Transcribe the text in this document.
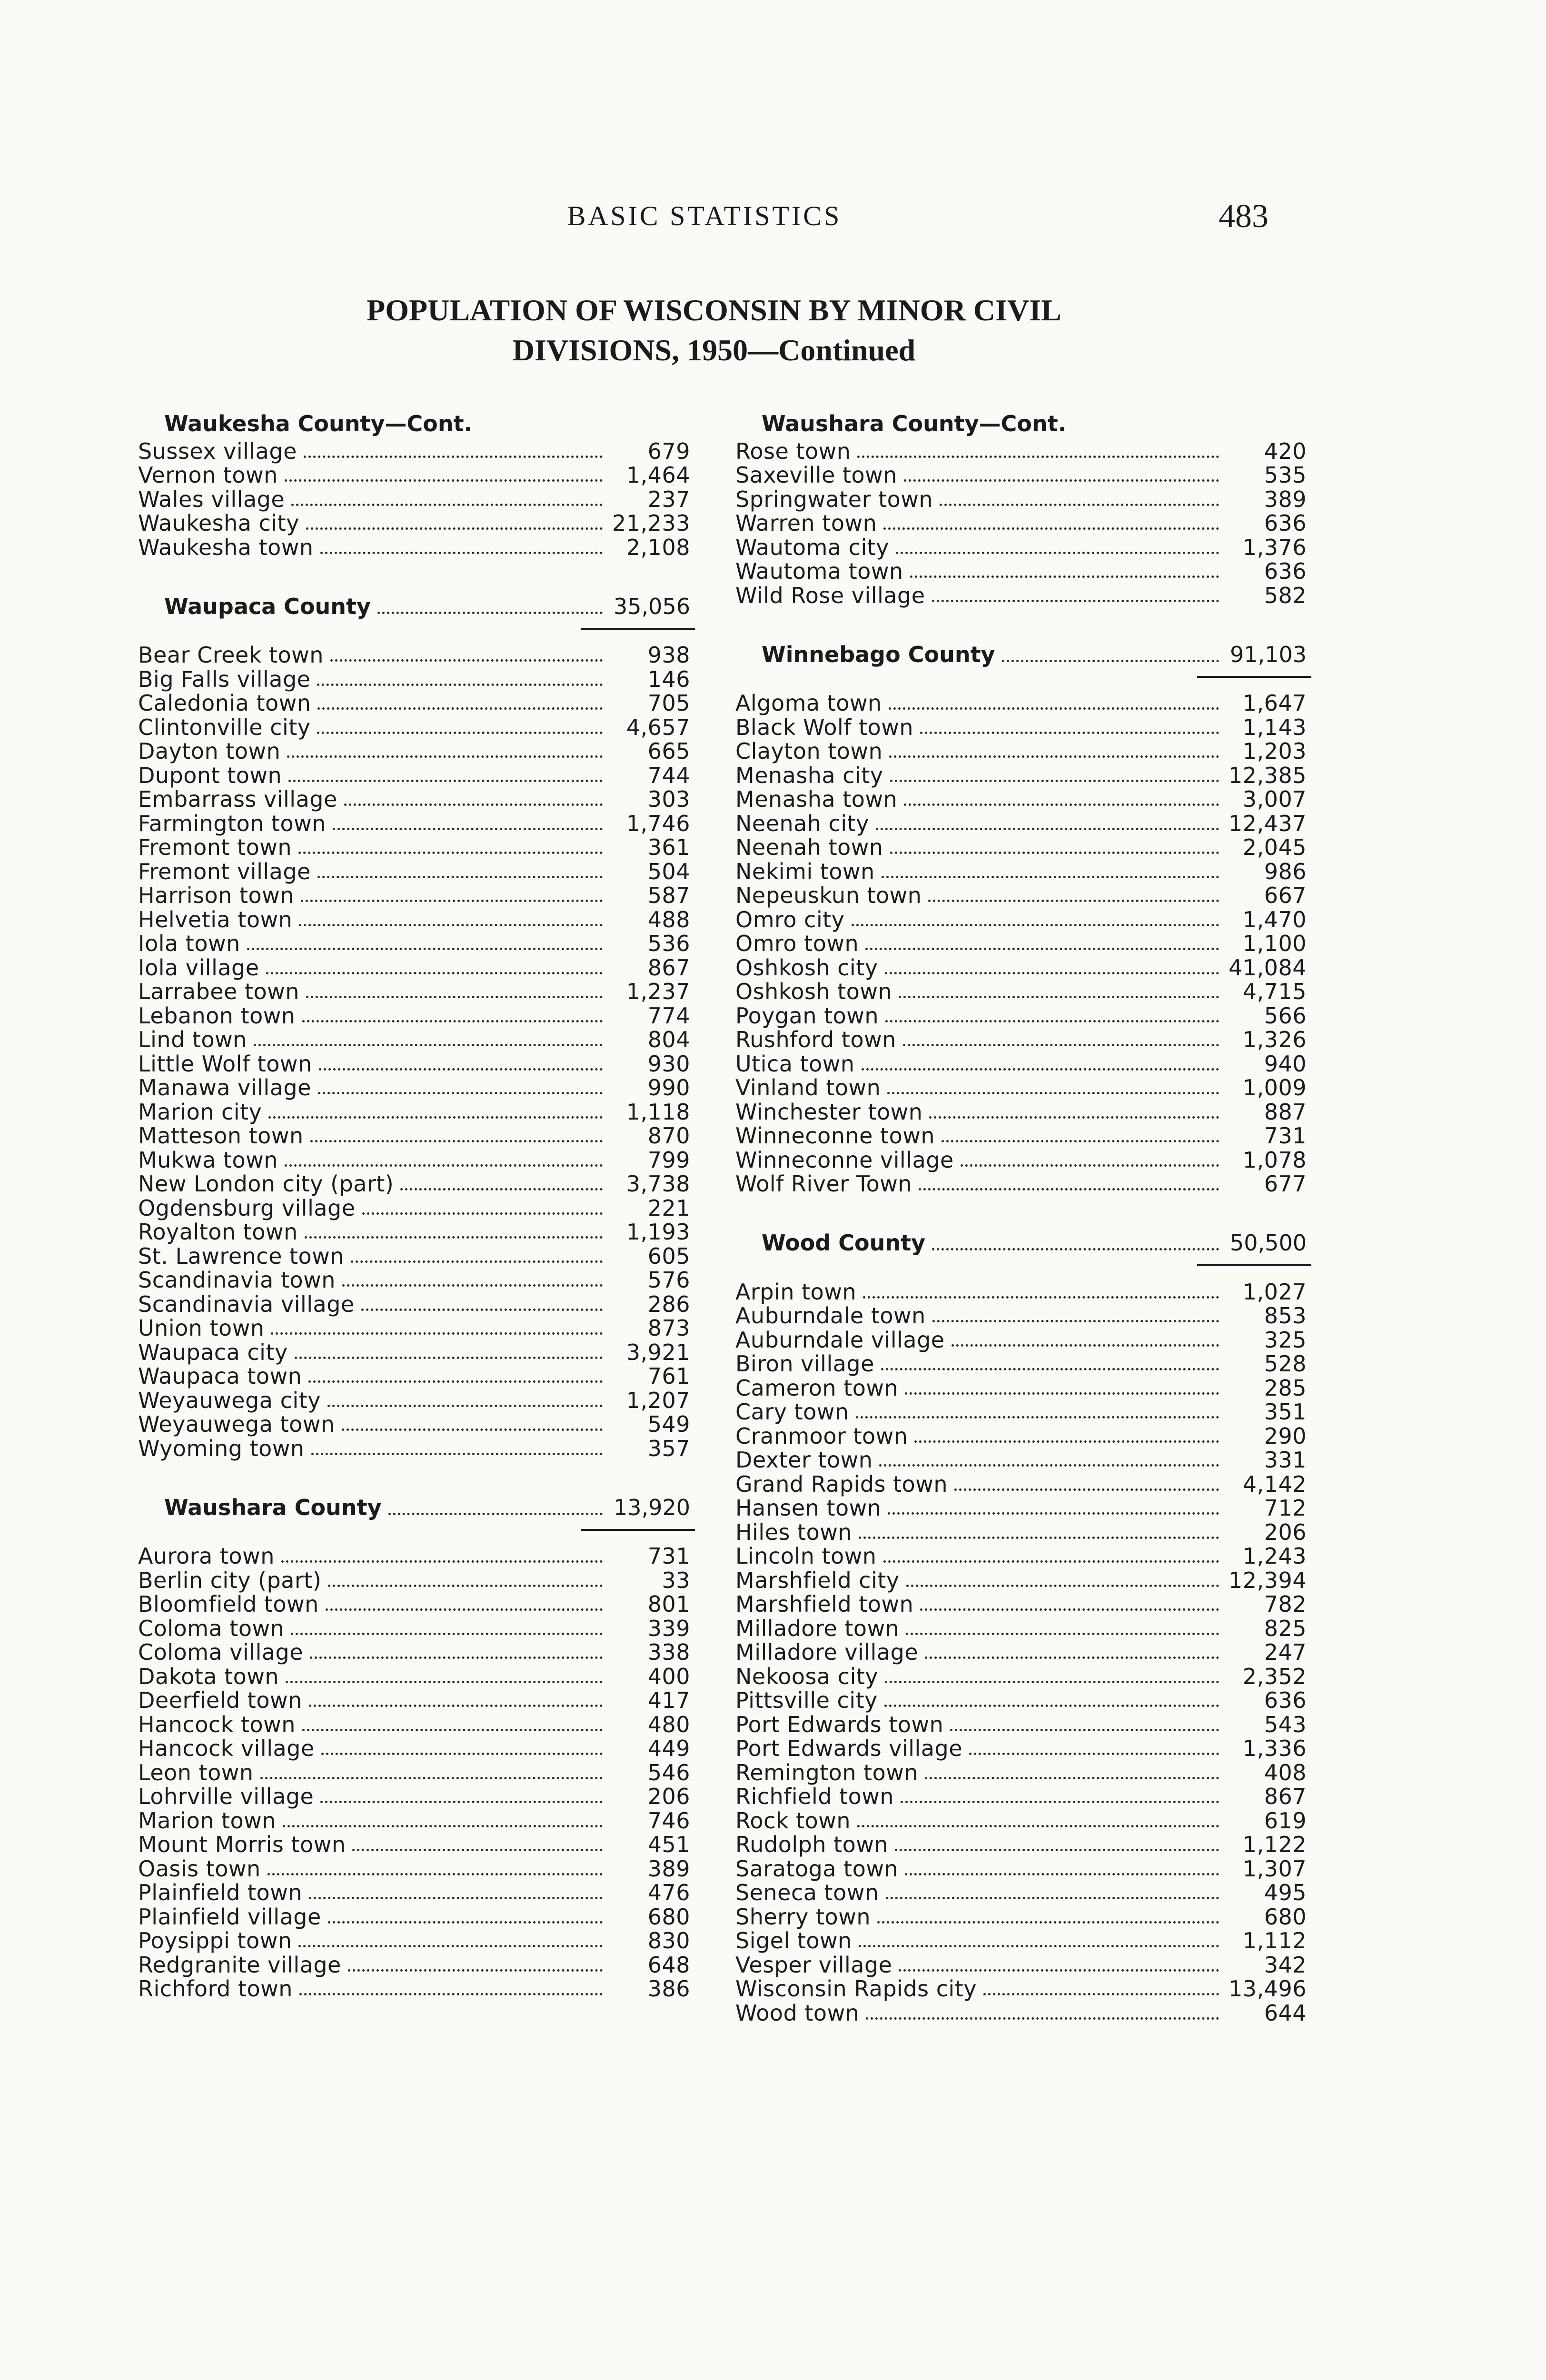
BASIC STATISTICS	483
POPULATION OF WISCONSIN BY MINOR CIVIL
DIVISIONS, 1950—Continued
Waukesha County—Cont.
Sussex village	679
Vernon town	1,464
Wales village	237
Waukesha city	21,233
Waukesha town	2,108
Waupaca County	35,056
Bear Creek town	938
Big Falls village	146
Caledonia town	705
Clintonville city	4,657
Dayton town	665
Dupont town	744
Embarrass village	303
Farmington town	1,746
Fremont town	361
Fremont village	504
Harrison town	587
Helvetia town	488
Iola town	536
Iola village	867
Larrabee town	1,237
Lebanon town	774
Lind town	804
Little Wolf town	930
Manawa village	990
Marion city	1,118
Matteson town	870
Mukwa town	799
New London city (part)	3,738
Ogdensburg village	221
Royalton town	1,193
St. Lawrence town	605
Scandinavia town	576
Scandinavia village	286
Union town	873
Waupaca city	3,921
Waupaca town	761
Weyauwega city	1,207
Weyauwega town	549
Wyoming town	357
Waushara County	13,920
Aurora town	731
Berlin city (part)	33
Bloomfield town	801
Coloma town	339
Coloma village	338
Dakota town	400
Deerfield town	417
Hancock town	480
Hancock village	449
Leon town	546
Lohrville village	206
Marion town	746
Mount Morris town	451
Oasis town	389
Plainfield town	476
Plainfield village	680
Poysippi town	830
Redgranite village	648
Richford town	386
Waushara County—Cont.
Rose town	420
Saxeville town	535
Springwater town	389
Warren town	636
Wautoma city	1,376
Wautoma town	636
Wild Rose village	582
Winnebago County	91,103
Algoma town	1,647
Black Wolf town	1,143
Clayton town	1,203
Menasha city	12,385
Menasha town	3,007
Neenah city	12,437
Neenah town	2,045
Nekimi town	986
Nepeuskun town	667
Omro city	1,470
Omro town	1,100
Oshkosh city	41,084
Oshkosh town	4,715
Poygan town	566
Rushford town	1,326
Utica town	940
Vinland town	1,009
Winchester town	887
Winneconne town	731
Winneconne village	1,078
Wolf River Town	677
Wood County	50,500
Arpin town	1,027
Auburndale town	853
Auburndale village	325
Biron village	528
Cameron town	285
Cary town	351
Cranmoor town	290
Dexter town	331
Grand Rapids town	4,142
Hansen town	712
Hiles town	206
Lincoln town	1,243
Marshfield city	12,394
Marshfield town	782
Milladore town	825
Milladore village	247
Nekoosa city	2,352
Pittsville city	636
Port Edwards town	543
Port Edwards village	1,336
Remington town	408
Richfield town	867
Rock town	619
Rudolph town	1,122
Saratoga town	1,307
Seneca town	495
Sherry town	680
Sigel town	1,112
Vesper village	342
Wisconsin Rapids city	13,496
Wood town	644
